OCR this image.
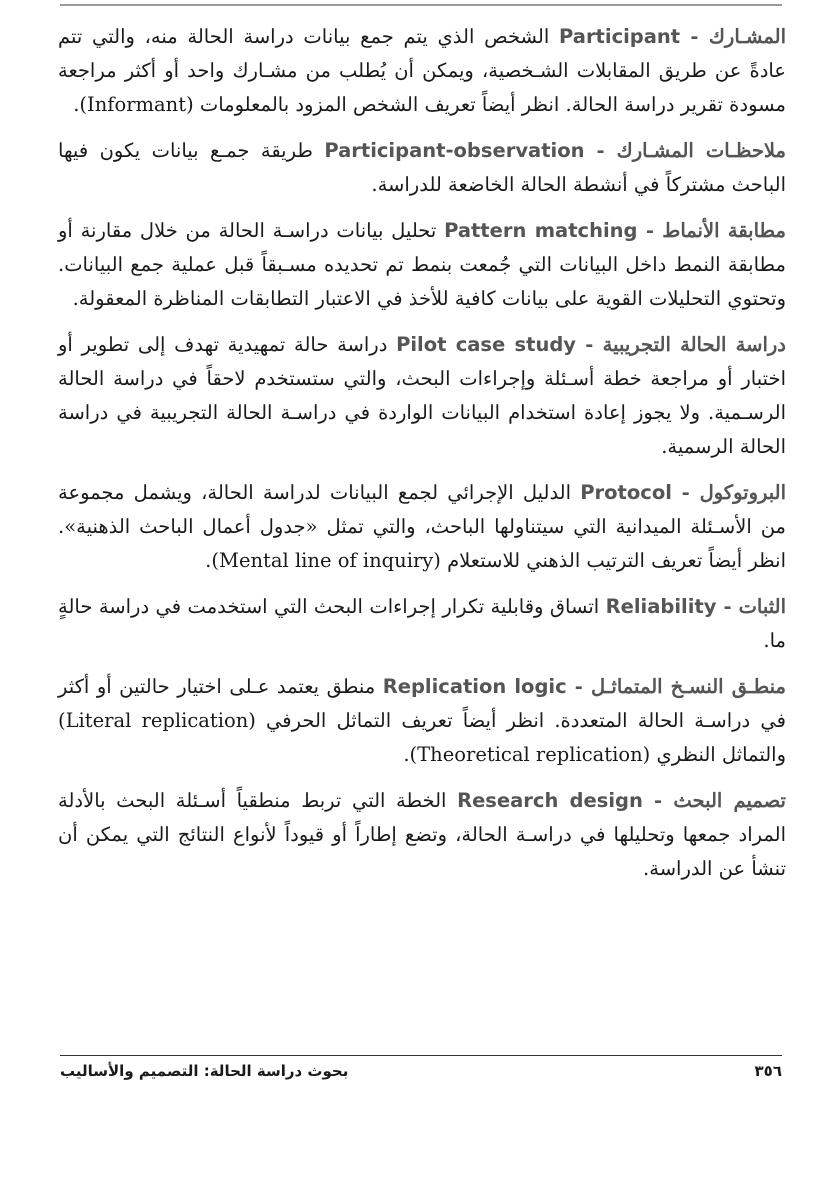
المشـارك - Participant الشخص الذي يتم جمع بيانات دراسة الحالة منه، والتي تتم عادةً عن طريق المقابلات الشـخصية، ويمكن أن يُطلب من مشـارك واحد أو أكثر مراجعة مسودة تقرير دراسة الحالة. انظر أيضاً تعريف الشخص المزود بالمعلومات (Informant).

ملاحظـات المشـارك - Participant-observation طريقة جمـع بيانات يكون فيها الباحث مشتركاً في أنشطة الحالة الخاضعة للدراسة.

مطابقة الأنماط - Pattern matching تحليل بيانات دراسـة الحالة من خلال مقارنة أو مطابقة النمط داخل البيانات التي جُمعت بنمط تم تحديده مسـبقاً قبل عملية جمع البيانات. وتحتوي التحليلات القوية على بيانات كافية للأخذ في الاعتبار التطابقات المناظرة المعقولة.

دراسة الحالة التجريبية - Pilot case study دراسة حالة تمهيدية تهدف إلى تطوير أو اختبار أو مراجعة خطة أسـئلة وإجراءات البحث، والتي ستستخدم لاحقاً في دراسة الحالة الرسـمية. ولا يجوز إعادة استخدام البيانات الواردة في دراسـة الحالة التجريبية في دراسة الحالة الرسمية.

البروتوكول - Protocol الدليل الإجرائي لجمع البيانات لدراسة الحالة، ويشمل مجموعة من الأسـئلة الميدانية التي سيتناولها الباحث، والتي تمثل «جدول أعمال الباحث الذهنية». انظر أيضاً تعريف الترتيب الذهني للاستعلام (Mental line of inquiry).

الثبات - Reliability اتساق وقابلية تكرار إجراءات البحث التي استخدمت في دراسة حالةٍ ما.

منطـق النسـخ المتماثـل - Replication logic منطق يعتمد عـلى اختيار حالتين أو أكثر في دراسـة الحالة المتعددة. انظر أيضاً تعريف التماثل الحرفي (Literal replication) والتماثل النظري (Theoretical replication).

تصميم البحث - Research design الخطة التي تربط منطقياً أسـئلة البحث بالأدلة المراد جمعها وتحليلها في دراسـة الحالة، وتضع إطاراً أو قيوداً لأنواع النتائج التي يمكن أن تنشأ عن الدراسة.

٣٥٦
بحوث دراسة الحالة: التصميم والأساليب
